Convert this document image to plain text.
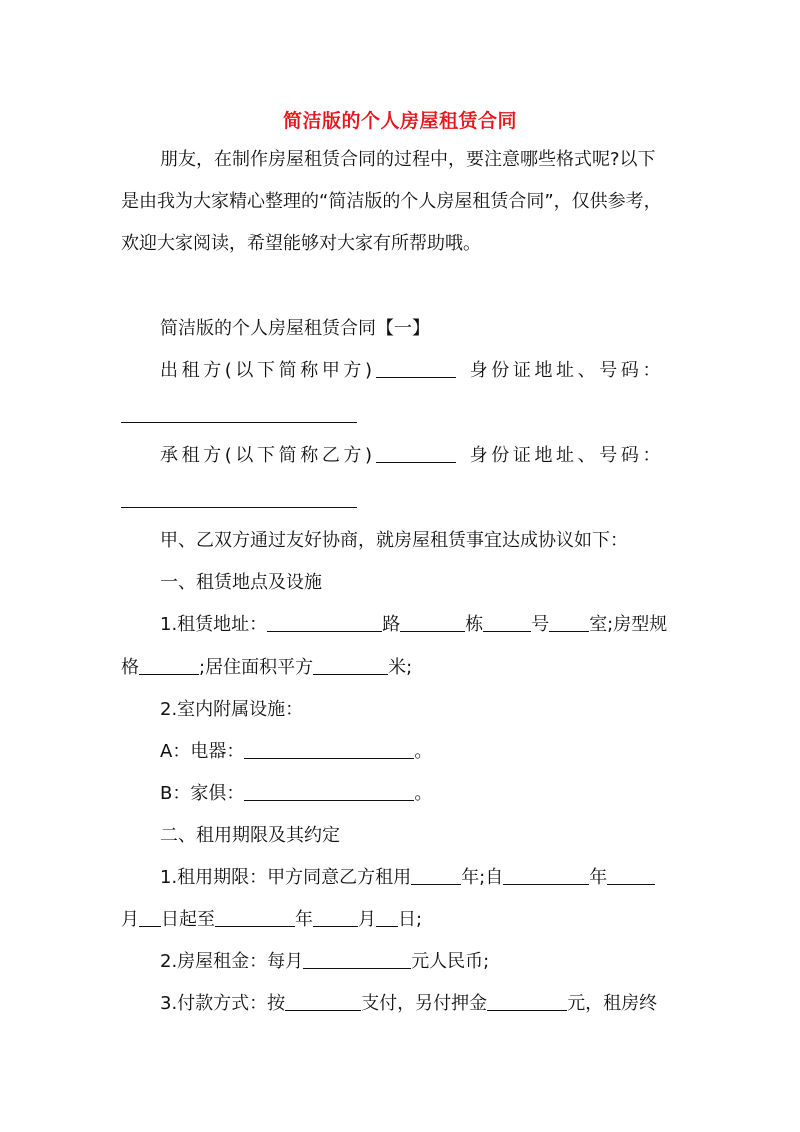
简洁版的个人房屋租赁合同
朋友，在制作房屋租赁合同的过程中，要注意哪些格式呢?以下
是由我为大家精心整理的“简洁版的个人房屋租赁合同”，仅供参考，
欢迎大家阅读，希望能够对大家有所帮助哦。
简洁版的个人房屋租赁合同【一】
出租方(以下简称甲方)	身份证地址、号码：
承租方(以下简称乙方)	身份证地址、号码：
甲、乙双方通过友好协商，就房屋租赁事宜达成协议如下：
一、租赁地点及设施
1.租赁地址：	路	栋	号 室;房型规
格	;居住面积平方	米;
2.室内附属设施：
A：电器：	。
B：家俱：	。
二、租用期限及其约定
1.租用期限：甲方同意乙方租用	年;自	年
月 日起至	年	月 日;
2.房屋租金：每月	元人民币;
3.付款方式：按	支付，另付押金	元，租房终
